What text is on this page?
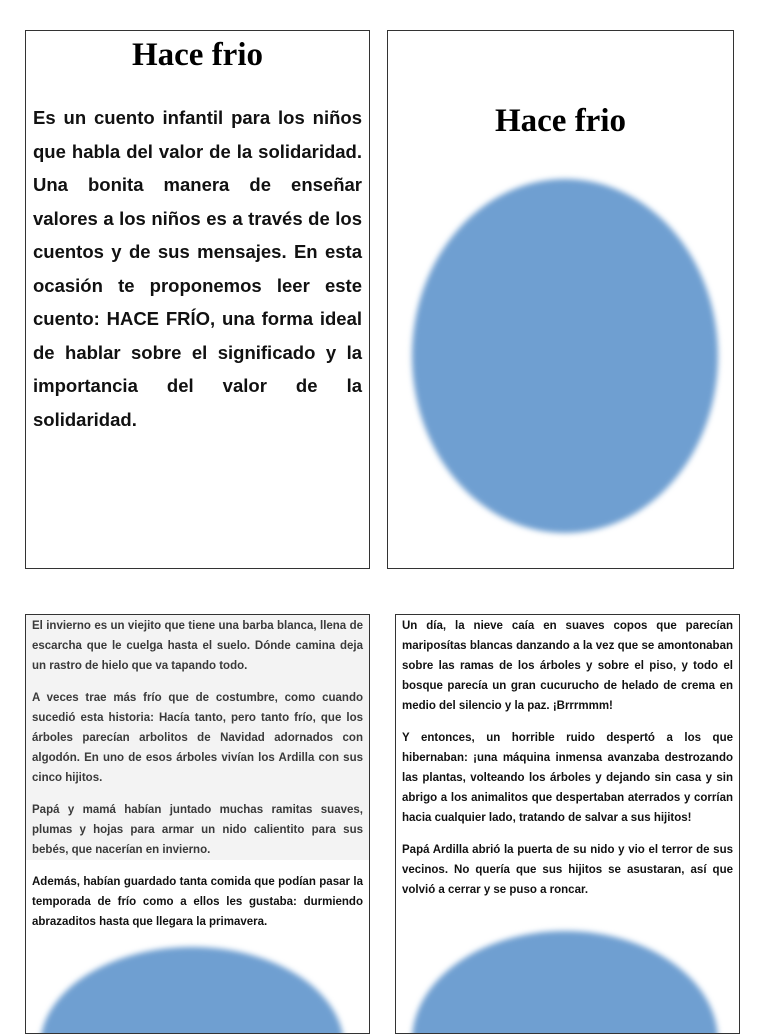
Hace frio
Es un cuento infantil para los niños que habla del valor de la solidaridad. Una bonita manera de enseñar valores a los niños es a través de los cuentos y de sus mensajes. En esta ocasión te proponemos leer este cuento: HACE FRÍO, una forma ideal de hablar sobre el significado y la importancia del valor de la solidaridad.
Hace frio

El invierno es un viejito que tiene una barba blanca, llena de escarcha que le cuelga hasta el suelo. Dónde camina deja un rastro de hielo que va tapando todo.

A veces trae más frío que de costumbre, como cuando sucedió esta historia: Hacía tanto, pero tanto frío, que los árboles parecían arbolitos de Navidad adornados con algodón. En uno de esos árboles vivían los Ardilla con sus cinco hijitos.

Papá y mamá habían juntado muchas ramitas suaves, plumas y hojas para armar un nido calientito para sus bebés, que nacerían en invierno.

Además, habían guardado tanta comida que podían pasar la temporada de frío como a ellos les gustaba: durmiendo abrazaditos hasta que llegara la primavera.

Un día, la nieve caía en suaves copos que parecían mariposítas blancas danzando a la vez que se amontonaban sobre las ramas de los árboles y sobre el piso, y todo el bosque parecía un gran cucurucho de helado de crema en medio del silencio y la paz. ¡Brrrmmm!

Y entonces, un horrible ruido despertó a los que hibernaban: ¡una máquina inmensa avanzaba destrozando las plantas, volteando los árboles y dejando sin casa y sin abrigo a los animalitos que despertaban aterrados y corrían hacia cualquier lado, tratando de salvar a sus hijitos!

Papá Ardilla abrió la puerta de su nido y vio el terror de sus vecinos. No quería que sus hijitos se asustaran, así que volvió a cerrar y se puso a roncar.
